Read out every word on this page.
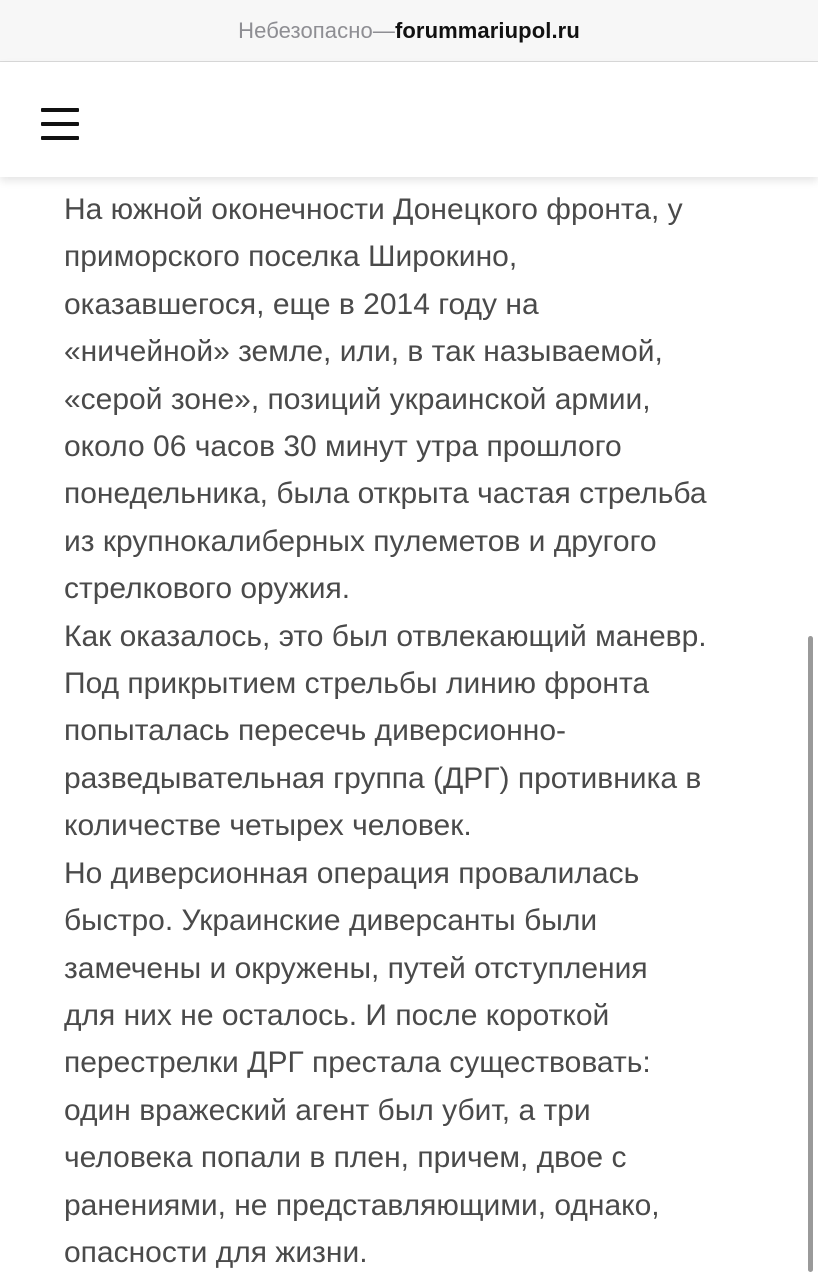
Небезопасно — forummariupol.ru

На южной оконечности Донецкого фронта, у
приморского поселка Широкино,
оказавшегося, еще в 2014 году на
«ничейной» земле, или, в так называемой,
«серой зоне», позиций украинской армии,
около 06 часов 30 минут утра прошлого
понедельника, была открыта частая стрельба
из крупнокалиберных пулеметов и другого
стрелкового оружия.

Как оказалось, это был отвлекающий маневр.
Под прикрытием стрельбы линию фронта
попыталась пересечь диверсионно-
разведывательная группа (ДРГ) противника в
количестве четырех человек.

Но диверсионная операция провалилась
быстро. Украинские диверсанты были
замечены и окружены, путей отступления
для них не осталось. И после короткой
перестрелки ДРГ престала существовать:
один вражеский агент был убит, а три
человека попали в плен, причем, двое с
ранениями, не представляющими, однако,
опасности для жизни.
